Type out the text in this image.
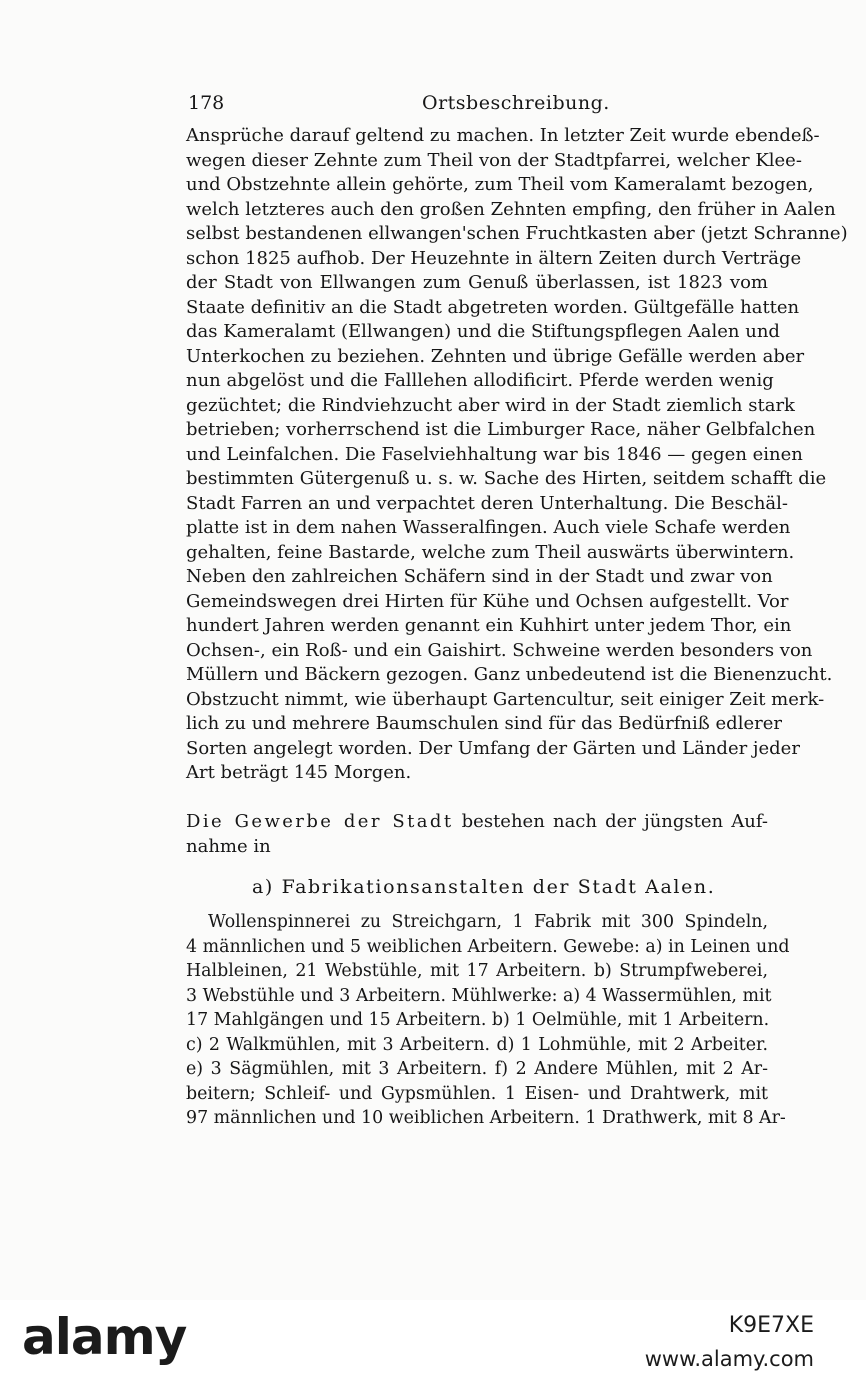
178	Ortsbeschreibung.
Ansprüche darauf geltend zu machen. In letzter Zeit wurde ebendeß-
wegen dieser Zehnte zum Theil von der Stadtpfarrei, welcher Klee-
und Obstzehnte allein gehörte, zum Theil vom Kameralamt bezogen,
welch letzteres auch den großen Zehnten empfing, den früher in Aalen
selbst bestandenen ellwangen'schen Fruchtkasten aber (jetzt Schranne)
schon 1825 aufhob. Der Heuzehnte in ältern Zeiten durch Verträge
der Stadt von Ellwangen zum Genuß überlassen, ist 1823 vom
Staate definitiv an die Stadt abgetreten worden. Gültgefälle hatten
das Kameralamt (Ellwangen) und die Stiftungspflegen Aalen und
Unterkochen zu beziehen. Zehnten und übrige Gefälle werden aber
nun abgelöst und die Falllehen allodificirt. Pferde werden wenig
gezüchtet; die Rindviehzucht aber wird in der Stadt ziemlich stark
betrieben; vorherrschend ist die Limburger Race, näher Gelbfalchen
und Leinfalchen. Die Faselviehhaltung war bis 1846 — gegen einen
bestimmten Gütergenuß u. s. w. Sache des Hirten, seitdem schafft die
Stadt Farren an und verpachtet deren Unterhaltung. Die Beschäl-
platte ist in dem nahen Wasseralfingen. Auch viele Schafe werden
gehalten, feine Bastarde, welche zum Theil auswärts überwintern.
Neben den zahlreichen Schäfern sind in der Stadt und zwar von
Gemeindswegen drei Hirten für Kühe und Ochsen aufgestellt. Vor
hundert Jahren werden genannt ein Kuhhirt unter jedem Thor, ein
Ochsen-, ein Roß- und ein Gaishirt. Schweine werden besonders von
Müllern und Bäckern gezogen. Ganz unbedeutend ist die Bienenzucht.
Obstzucht nimmt, wie überhaupt Gartencultur, seit einiger Zeit merk-
lich zu und mehrere Baumschulen sind für das Bedürfniß edlerer
Sorten angelegt worden. Der Umfang der Gärten und Länder jeder
Art beträgt 145 Morgen.
Die Gewerbe der Stadt bestehen nach der jüngsten Auf-
nahme in
a) Fabrikationsanstalten der Stadt Aalen.
Wollenspinnerei zu Streichgarn, 1 Fabrik mit 300 Spindeln,
4 männlichen und 5 weiblichen Arbeitern. Gewebe: a) in Leinen und
Halbleinen, 21 Webstühle, mit 17 Arbeitern. b) Strumpfweberei,
3 Webstühle und 3 Arbeitern. Mühlwerke: a) 4 Wassermühlen, mit
17 Mahlgängen und 15 Arbeitern. b) 1 Oelmühle, mit 1 Arbeitern.
c) 2 Walkmühlen, mit 3 Arbeitern. d) 1 Lohmühle, mit 2 Arbeiter.
e) 3 Sägmühlen, mit 3 Arbeitern. f) 2 Andere Mühlen, mit 2 Ar-
beitern; Schleif- und Gypsmühlen. 1 Eisen- und Drahtwerk, mit
97 männlichen und 10 weiblichen Arbeitern. 1 Drathwerk, mit 8 Ar-
alamy	K9E7XE
www.alamy.com
